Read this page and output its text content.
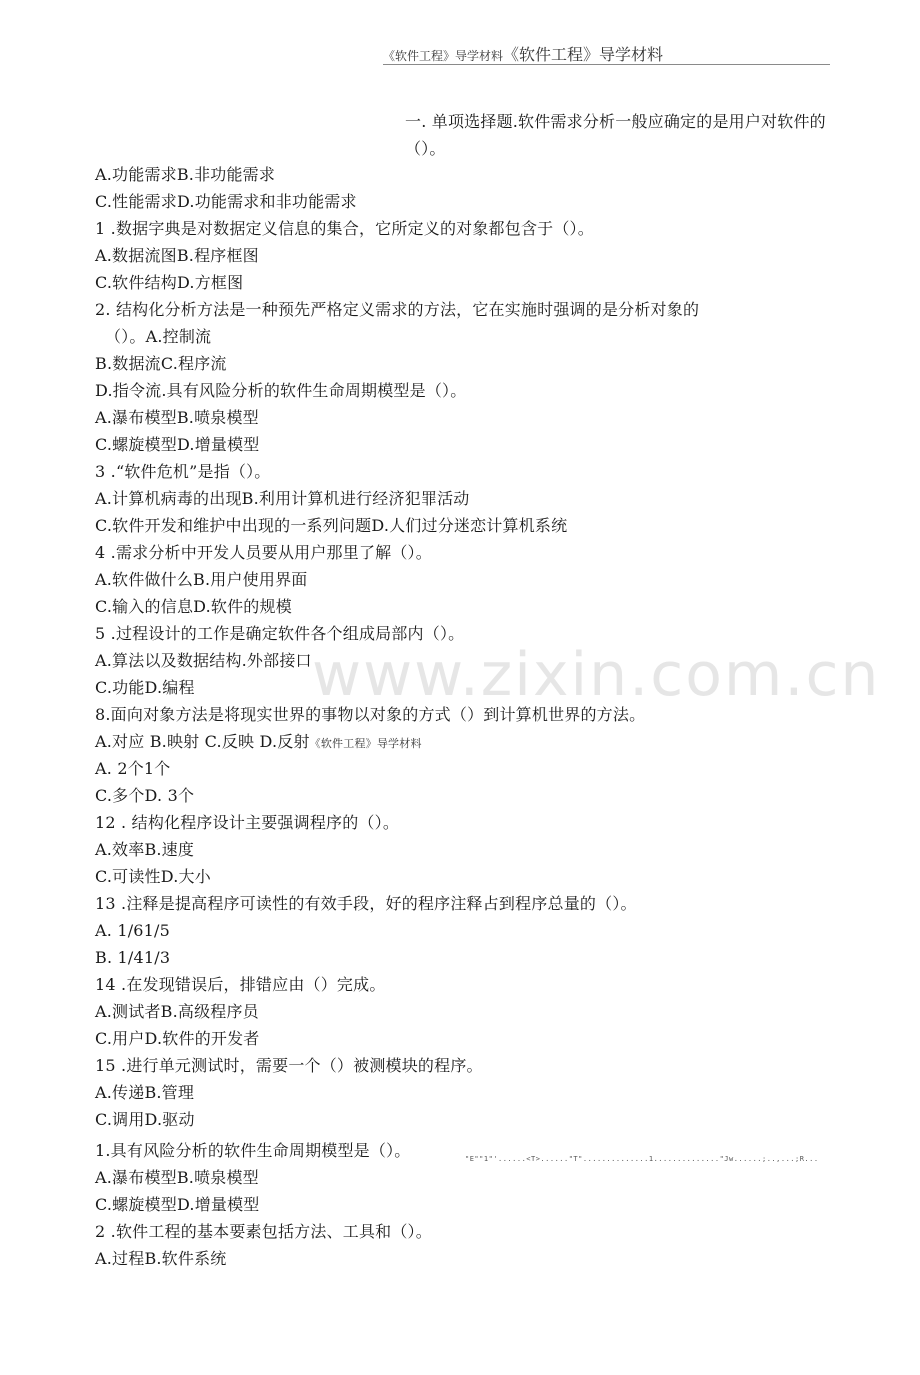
《软件工程》导学材料《软件工程》导学材料
www.zixin.com.cn
一. 单项选择题.软件需求分析一般应确定的是用户对软件的（）。
A.功能需求B.非功能需求
C.性能需求D.功能需求和非功能需求
1 .数据字典是对数据定义信息的集合，它所定义的对象都包含于（）。
A.数据流图B.程序框图
C.软件结构D.方框图
2. 结构化分析方法是一种预先严格定义需求的方法，它在实施时强调的是分析对象的
（）。A.控制流
B.数据流C.程序流
D.指令流.具有风险分析的软件生命周期模型是（）。
A.瀑布模型B.喷泉模型
C.螺旋模型D.增量模型
3 .“软件危机”是指（）。
A.计算机病毒的出现B.利用计算机进行经济犯罪活动
C.软件开发和维护中出现的一系列问题D.人们过分迷恋计算机系统
4 .需求分析中开发人员要从用户那里了解（）。
A.软件做什么B.用户使用界面
C.输入的信息D.软件的规模
5 .过程设计的工作是确定软件各个组成局部内（）。
A.算法以及数据结构.外部接口
C.功能D.编程
8.面向对象方法是将现实世界的事物以对象的方式（）到计算机世界的方法。
A.对应 B.映射 C.反映 D.反射《软件工程》导学材料
A. 2个1个
C.多个D. 3个
12 . 结构化程序设计主要强调程序的（）。
A.效率B.速度
C.可读性D.大小
13 .注释是提高程序可读性的有效手段，好的程序注释占到程序总量的（）。
A. 1/61/5
B. 1/41/3
14 .在发现错误后，排错应由（）完成。
A.测试者B.高级程序员
C.用户D.软件的开发者
15 .进行单元测试时，需要一个（）被测模块的程序。
A.传递B.管理
C.调用D.驱动
1.具有风险分析的软件生命周期模型是（）。
A.瀑布模型B.喷泉模型
C.螺旋模型D.增量模型
2 .软件工程的基本要素包括方法、工具和（）。
A.过程B.软件系统
"E""1"'......<T>......"T"..............1.............."Jw......;..,...;R...
